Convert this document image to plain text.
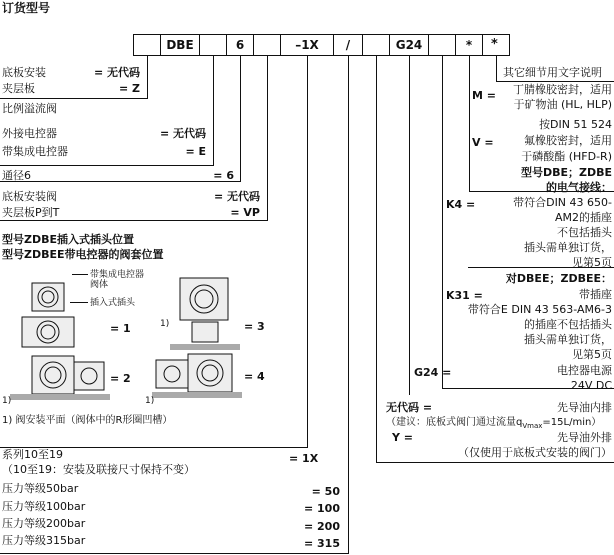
订货型号
DBE	6	–1X	/	G24	*	*
底板安装	= 无代码
夹层板	= Z
比例溢流阀
外接电控器	= 无代码
带集成电控器	= E
通径6	= 6
底板安装阀	= 无代码
夹层板P到T	= VP
型号ZDBE插入式插头位置
型号ZDBEE带电控器的阀套位置
带集成电控器
阀体
插入式插头
= 1	1)	= 3
1)
= 2
1)
= 4
1) 阀安装平面（阀体中的R形圈凹槽）
系列10至19
（10至19：安装及联接尺寸保持不变）
= 1X
压力等级50bar	= 50
压力等级100bar	= 100
压力等级200bar	= 200
压力等级315bar	= 315
其它细节用文字说明
M =	丁腈橡胶密封，适用
于矿物油 (HL, HLP)
按DIN 51 524
V =	氟橡胶密封，适用
于磷酸酯 (HFD-R)
型号DBE；ZDBE
的电气接线：
K4 =	带符合DIN 43 650-
AM2的插座
不包括插头
插头需单独订货，
见第5页
对DBEE；ZDBEE：
K31 =	带插座
带符合E DIN 43 563-AM6-3
的插座不包括插头
插头需单独订货，
见第5页
G24 =	电控器电源
24V DC
无代码 =	先导油内排
（建议：底板式阀门通过流量$q_{Vmax}=15L/\min$）
Y =	先导油外排
（仅使用于底板式安装的阀门）
